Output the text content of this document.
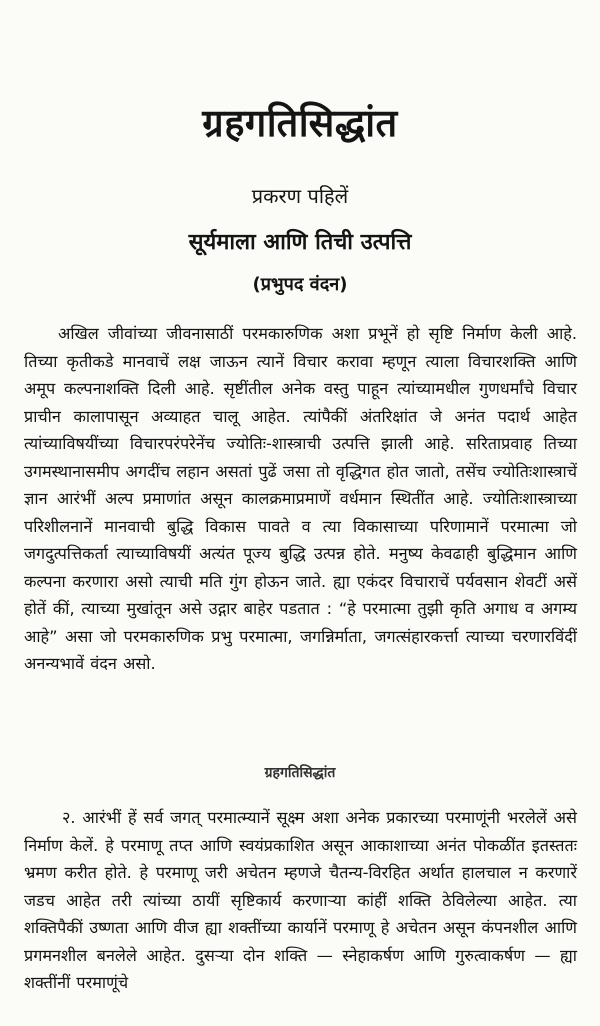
ग्रहगतिसिद्धांत
प्रकरण पहिलें
सूर्यमाला आणि तिची उत्पत्ति
(प्रभुपद वंदन)

अखिल जीवांच्या जीवनासाठीं परमकारुणिक अशा प्रभूनें हो सृष्टि निर्माण केली आहे. तिच्या कृतीकडे मानवाचें लक्ष जाऊन त्यानें विचार करावा म्हणून त्याला विचारशक्ति आणि अमूप कल्पनाशक्ति दिली आहे. सृष्टींतील अनेक वस्तु पाहून त्यांच्यामधील गुणधर्मांचे विचार प्राचीन कालापासून अव्याहत चालू आहेत. त्यांपैकीं अंतरिक्षांत जे अनंत पदार्थ आहेत त्यांच्याविषयींच्या विचारपरंपरेनेंच ज्योतिः-शास्त्राची उत्पत्ति झाली आहे. सरिताप्रवाह तिच्या उगमस्थानासमीप अगदींच लहान असतां पुढें जसा तो वृद्धिगत होत जातो, तसेंच ज्योतिःशास्त्राचें ज्ञान आरंभीं अल्प प्रमाणांत असून कालक्रमाप्रमाणें वर्धमान स्थितींत आहे. ज्योतिःशास्त्राच्या परिशीलनानें मानवाची बुद्धि विकास पावते व त्या विकासाच्या परिणामानें परमात्मा जो जगदुत्पत्तिकर्ता त्याच्याविषयीं अत्यंत पूज्य बुद्धि उत्पन्न होते. मनुष्य केवढाही बुद्धिमान आणि कल्पना करणारा असो त्याची मति गुंग होऊन जाते. ह्या एकंदर विचाराचें पर्यवसान शेवटीं असें होतें कीं, त्याच्या मुखांतून असे उद्गार बाहेर पडतात : “हे परमात्मा तुझी कृति अगाध व अगम्य आहे” असा जो परमकारुणिक प्रभु परमात्मा, जगन्निर्माता, जगत्संहारकर्त्ता त्याच्या चरणारविंदीं अनन्यभावें वंदन असो.

ग्रहगतिसिद्धांत

२. आरंभीं हें सर्व जगत् परमात्म्यानें सूक्ष्म अशा अनेक प्रकारच्या परमाणूंनी भरलेलें असे निर्माण केलें. हे परमाणू तप्त आणि स्वयंप्रकाशित असून आकाशाच्या अनंत पोकळींत इतस्ततः भ्रमण करीत होते. हे परमाणू जरी अचेतन म्हणजे चैतन्य-विरहित अर्थात हालचाल न करणारें जडच आहेत तरी त्यांच्या ठायीं सृष्टिकार्य करणाऱ्या कांहीं शक्ति ठेविलेल्या आहेत. त्या शक्तिपैकीं उष्णता आणि वीज ह्या शक्तींच्या कार्यानें परमाणू हे अचेतन असून कंपनशील आणि प्रगमनशील बनलेले आहेत. दुसऱ्या दोन शक्ति — स्नेहाकर्षण आणि गुरुत्वाकर्षण — ह्या शक्तींनीं परमाणूंचे
